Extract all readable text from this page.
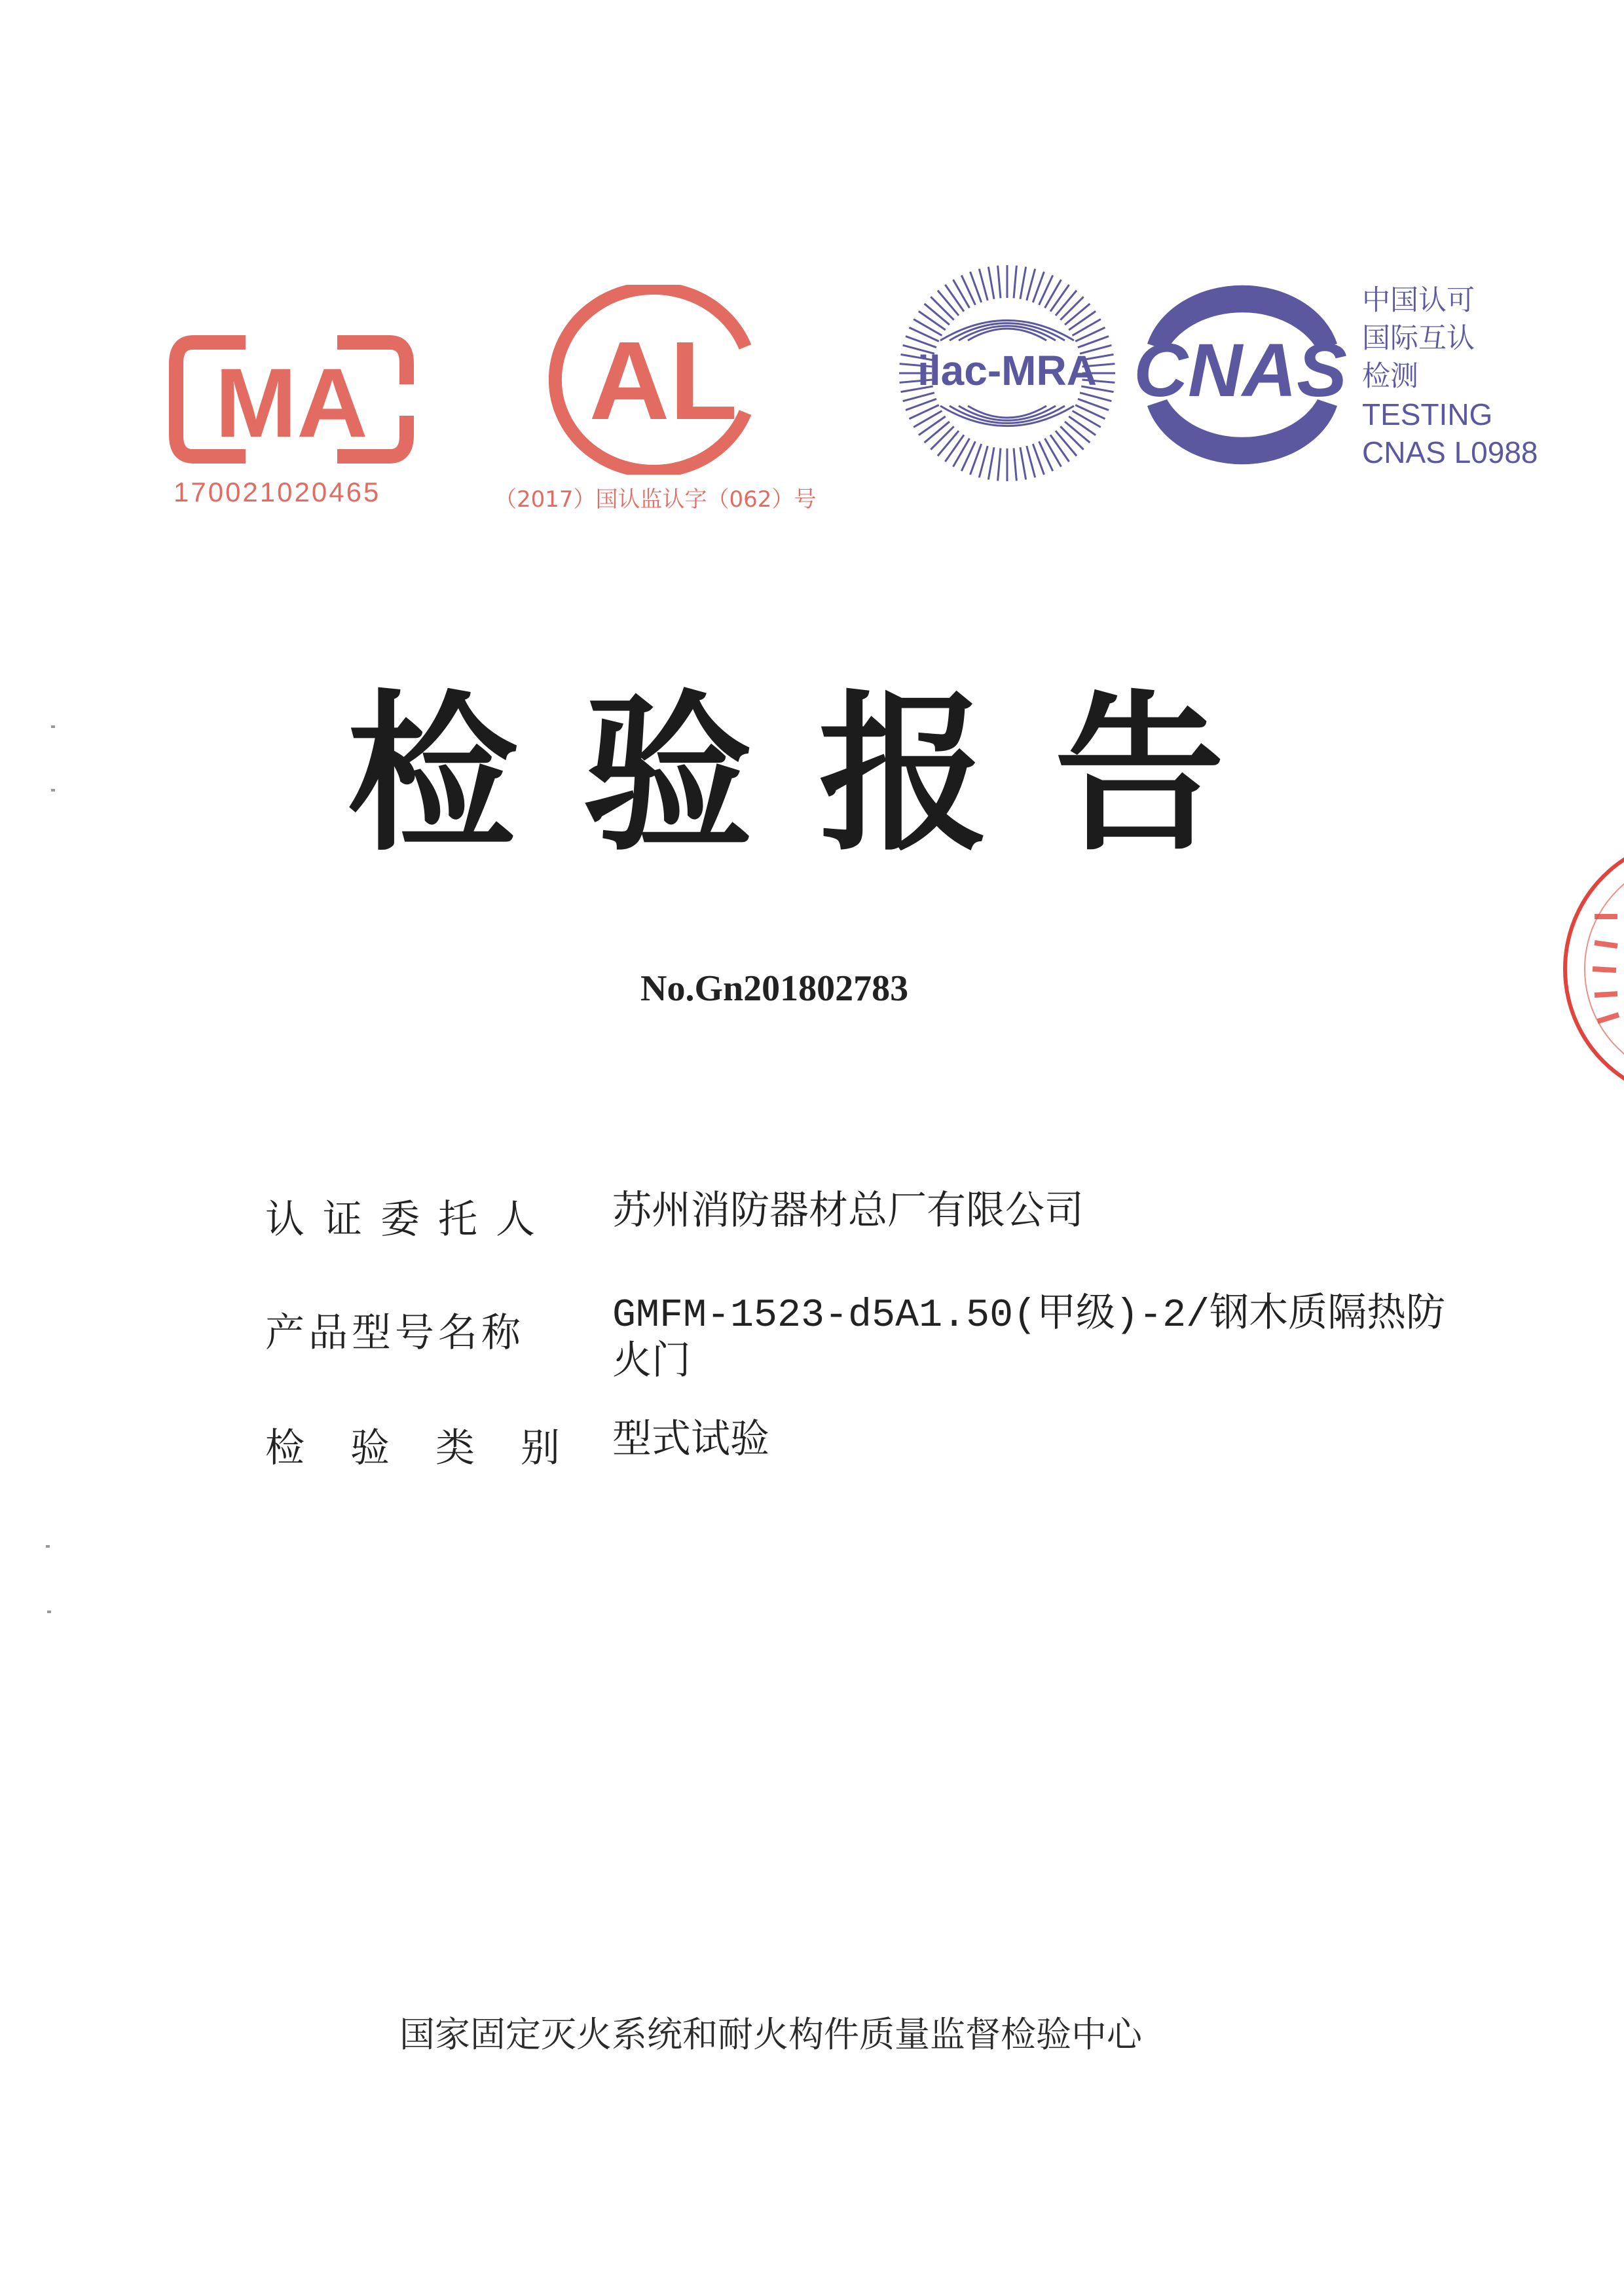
MA
170021020465
AL
（2017）国认监认字（062）号
ilac-MRA CNAS
中国认可
国际互认
检测
TESTING
CNAS L0988
检验报告
No.Gn201802783
认证委托人	苏州消防器材总厂有限公司
产品型号名称	GMFM-1523-d5A1.50(甲级)-2/钢木质隔热防
火门
检验类别 型式试验
国家固定灭火系统和耐火构件质量监督检验中心
